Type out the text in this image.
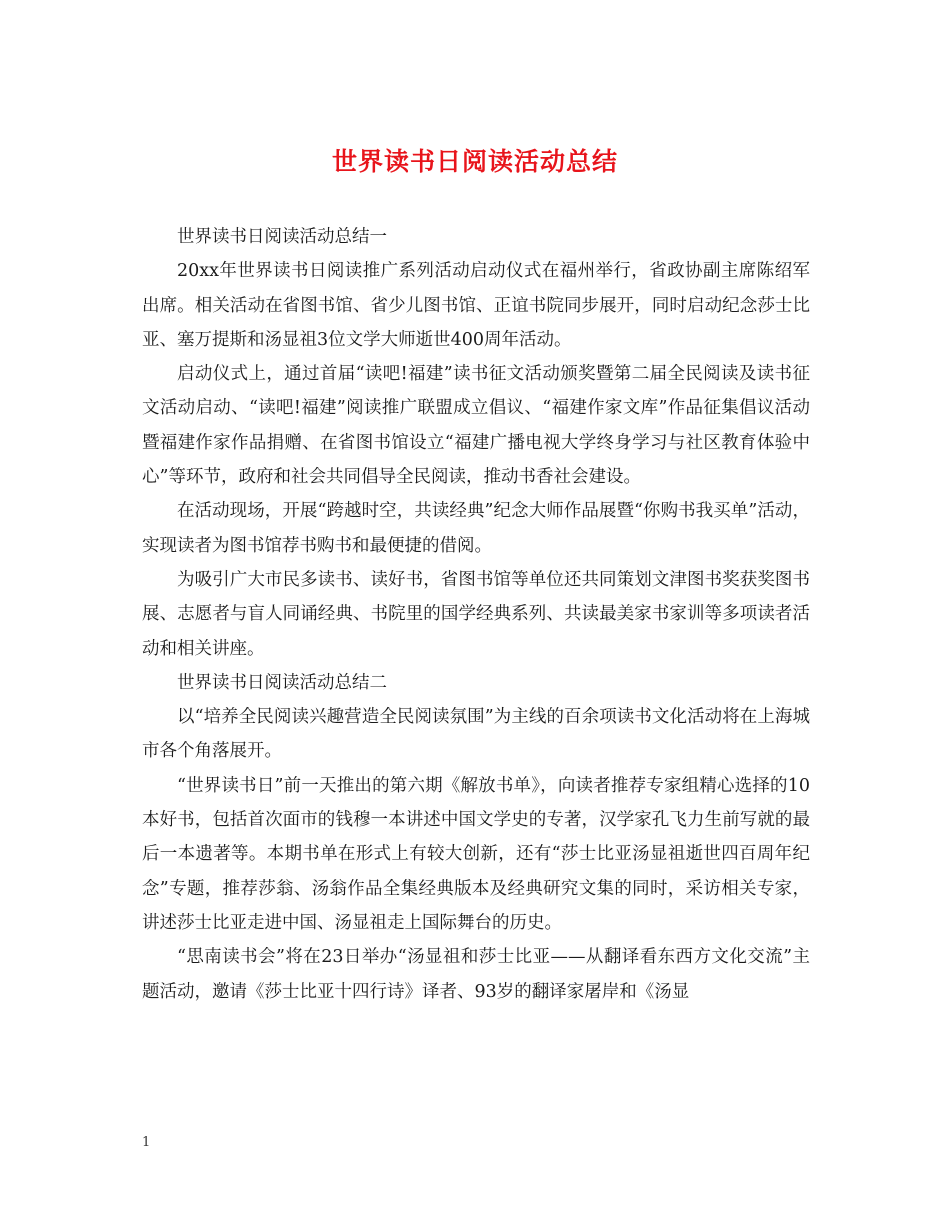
世界读书日阅读活动总结

世界读书日阅读活动总结一

20xx年世界读书日阅读推广系列活动启动仪式在福州举行，省政协副主席陈绍军出席。相关活动在省图书馆、省少儿图书馆、正谊书院同步展开，同时启动纪念莎士比亚、塞万提斯和汤显祖3位文学大师逝世400周年活动。

启动仪式上，通过首届“读吧!福建”读书征文活动颁奖暨第二届全民阅读及读书征文活动启动、“读吧!福建”阅读推广联盟成立倡议、“福建作家文库”作品征集倡议活动暨福建作家作品捐赠、在省图书馆设立“福建广播电视大学终身学习与社区教育体验中心”等环节，政府和社会共同倡导全民阅读，推动书香社会建设。

在活动现场，开展“跨越时空，共读经典”纪念大师作品展暨“你购书我买单”活动，实现读者为图书馆荐书购书和最便捷的借阅。

为吸引广大市民多读书、读好书，省图书馆等单位还共同策划文津图书奖获奖图书展、志愿者与盲人同诵经典、书院里的国学经典系列、共读最美家书家训等多项读者活动和相关讲座。

世界读书日阅读活动总结二

以“培养全民阅读兴趣营造全民阅读氛围”为主线的百余项读书文化活动将在上海城市各个角落展开。

“世界读书日”前一天推出的第六期《解放书单》，向读者推荐专家组精心选择的10本好书，包括首次面市的钱穆一本讲述中国文学史的专著，汉学家孔飞力生前写就的最后一本遗著等。本期书单在形式上有较大创新，还有“莎士比亚汤显祖逝世四百周年纪念”专题，推荐莎翁、汤翁作品全集经典版本及经典研究文集的同时，采访相关专家，讲述莎士比亚走进中国、汤显祖走上国际舞台的历史。

“思南读书会”将在23日举办“汤显祖和莎士比亚——从翻译看东西方文化交流”主题活动，邀请《莎士比亚十四行诗》译者、93岁的翻译家屠岸和《汤显

1
